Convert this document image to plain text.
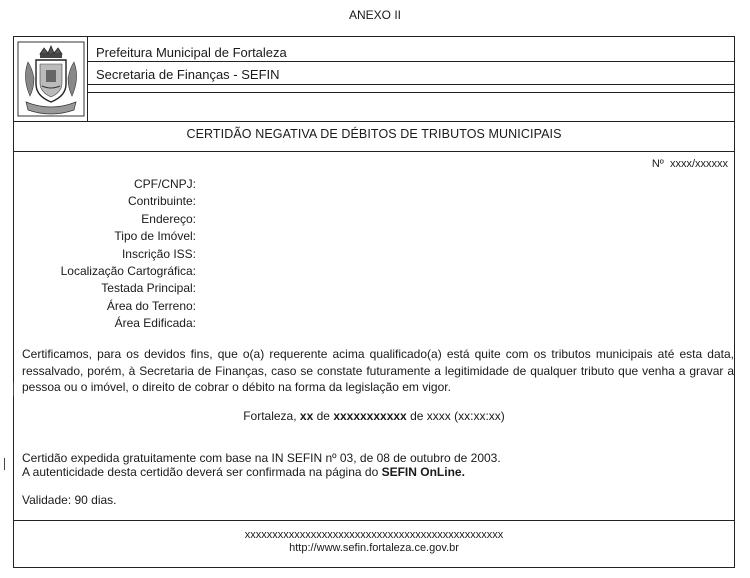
ANEXO II
Prefeitura Municipal de Fortaleza
Secretaria de Finanças - SEFIN
CERTIDÃO NEGATIVA DE DÉBITOS DE TRIBUTOS MUNICIPAIS
Nº xxxx/xxxxxx
CPF/CNPJ:
Contribuinte:
Endereço:
Tipo de Imóvel:
Inscrição ISS:
Localização Cartográfica:
Testada Principal:
Área do Terreno:
Área Edificada:
Certificamos, para os devidos fins, que o(a) requerente acima qualificado(a) está quite com os tributos municipais até esta data, ressalvado, porém, à Secretaria de Finanças, caso se constate futuramente a legitimidade de qualquer tributo que venha a gravar a pessoa ou o imóvel, o direito de cobrar o débito na forma da legislação em vigor.
Fortaleza, xx de xxxxxxxxxxx de xxxx (xx:xx:xx)
Certidão expedida gratuitamente com base na IN SEFIN nº 03, de 08 de outubro de 2003.
A autenticidade desta certidão deverá ser confirmada na página do SEFIN OnLine.
Validade: 90 dias.
xxxxxxxxxxxxxxxxxxxxxxxxxxxxxxxxxxxxxxxxxxxxxxx
http://www.sefin.fortaleza.ce.gov.br
